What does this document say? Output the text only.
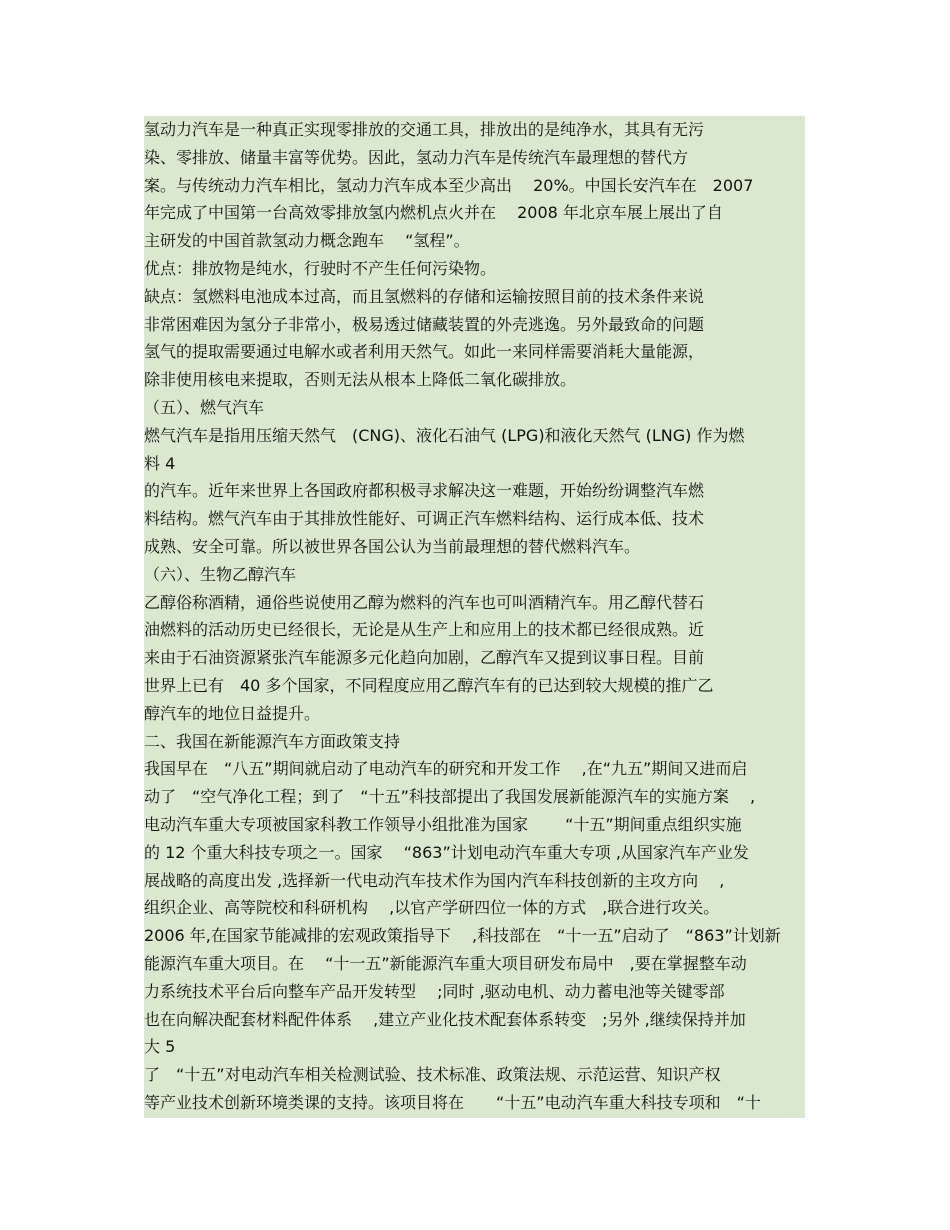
氢动力汽车是一种真正实现零排放的交通工具，排放出的是纯净水，其具有无污
染、零排放、储量丰富等优势。因此，氢动力汽车是传统汽车最理想的替代方
案。与传统动力汽车相比，氢动力汽车成本至少高出　 20%。中国长安汽车在　2007
年完成了中国第一台高效零排放氢内燃机点火并在　 2008 年北京车展上展出了自
主研发的中国首款氢动力概念跑车　 “氢程”。
优点：排放物是纯水，行驶时不产生任何污染物。
缺点：氢燃料电池成本过高，而且氢燃料的存储和运输按照目前的技术条件来说
非常困难因为氢分子非常小，极易透过储藏装置的外壳逃逸。另外最致命的问题
氢气的提取需要通过电解水或者利用天然气。如此一来同样需要消耗大量能源，
除非使用核电来提取，否则无法从根本上降低二氧化碳排放。
（五）、燃气汽车
燃气汽车是指用压缩天然气　(CNG)、液化石油气 (LPG)和液化天然气 (LNG) 作为燃
料 4
的汽车。近年来世界上各国政府都积极寻求解决这一难题，开始纷纷调整汽车燃
料结构。燃气汽车由于其排放性能好、可调正汽车燃料结构、运行成本低、技术
成熟、安全可靠。所以被世界各国公认为当前最理想的替代燃料汽车。
（六）、生物乙醇汽车
乙醇俗称酒精，通俗些说使用乙醇为燃料的汽车也可叫酒精汽车。用乙醇代替石
油燃料的活动历史已经很长，无论是从生产上和应用上的技术都已经很成熟。近
来由于石油资源紧张汽车能源多元化趋向加剧，乙醇汽车又提到议事日程。目前
世界上已有　40 多个国家，不同程度应用乙醇汽车有的已达到较大规模的推广乙
醇汽车的地位日益提升。
二、我国在新能源汽车方面政策支持
我国早在　“八五”期间就启动了电动汽车的研究和开发工作　 ,在“九五”期间又进而启
动了　“空气净化工程；到了　“十五”科技部提出了我国发展新能源汽车的实施方案　 ,
电动汽车重大专项被国家科教工作领导小组批准为国家　　 “十五”期间重点组织实施
的 12 个重大科技专项之一。国家　 “863”计划电动汽车重大专项 ,从国家汽车产业发
展战略的高度出发 ,选择新一代电动汽车技术作为国内汽车科技创新的主攻方向　 ,
组织企业、高等院校和科研机构　 ,以官产学研四位一体的方式　,联合进行攻关。
2006 年,在国家节能减排的宏观政策指导下　 ,科技部在　“十一五”启动了　“863”计划新
能源汽车重大项目。在　 “十一五”新能源汽车重大项目研发布局中　,要在掌握整车动
力系统技术平台后向整车产品开发转型　 ;同时 ,驱动电机、动力蓄电池等关键零部
也在向解决配套材料配件体系　 ,建立产业化技术配套体系转变　;另外 ,继续保持并加
大 5
了　“十五”对电动汽车相关检测试验、技术标准、政策法规、示范运营、知识产权
等产业技术创新环境类课的支持。该项目将在　　“十五”电动汽车重大科技专项和　“十
